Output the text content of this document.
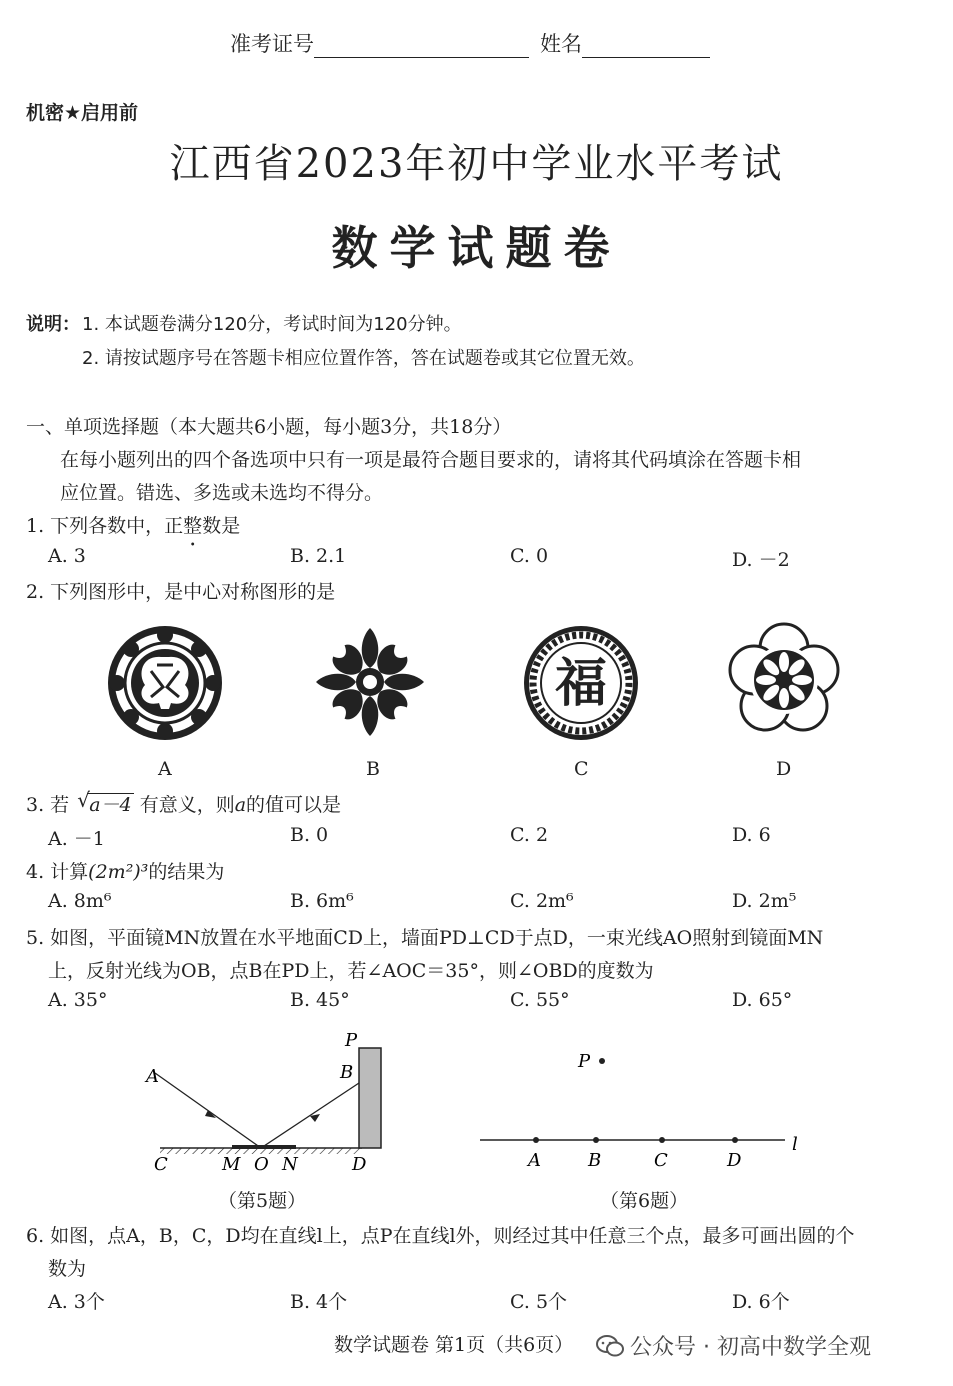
准考证号	姓名
机密★启用前
江西省2023年初中学业水平考试
数学试题卷
说明： 1. 本试题卷满分120分，考试时间为120分钟。
2. 请按试题序号在答题卡相应位置作答，答在试题卷或其它位置无效。
一、单项选择题（本大题共6小题，每小题3分，共18分）
在每小题列出的四个备选项中只有一项是最符合题目要求的，请将其代码填涂在答题卡相
应位置。错选、多选或未选均不得分。
1. 下列各数中，正整数是
A. 3	B. 2.1	C. 0	D. －2
2. 下列图形中，是中心对称图形的是
福
A	B	C	D
3. 若 √ a－4 有意义，则a的值可以是
A. －1	B. 0	C. 2	D. 6
4. 计算(2m²)³的结果为
A. 8m⁶	B. 6m⁶	C. 2m⁶	D. 2m⁵
5. 如图，平面镜MN放置在水平地面CD上，墙面PD⊥CD于点D，一束光线AO照射到镜面MN
上，反射光线为OB，点B在PD上，若∠AOC＝35°，则∠OBD的度数为
A. 35°	B. 45°	C. 55°	D. 65°
A	B
P
C	M O N	D
（第5题）
P
A	B	C	D
l
（第6题）
6. 如图，点A，B，C，D均在直线l上，点P在直线l外，则经过其中任意三个点，最多可画出圆的个
数为
A. 3个	B. 4个	C. 5个	D. 6个
数学试题卷 第1页（共6页）	公众号 · 初高中数学全观
